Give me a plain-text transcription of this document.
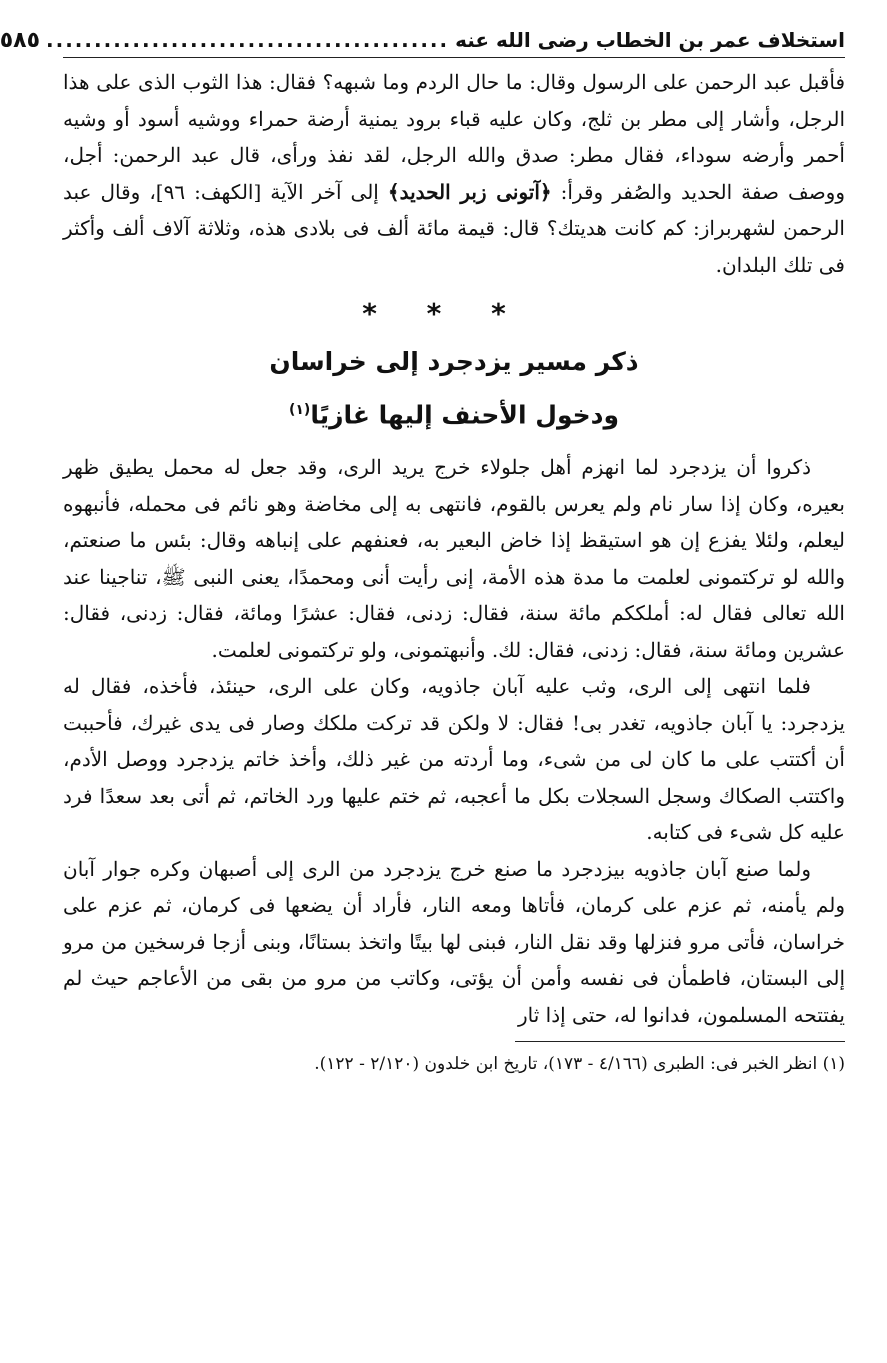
استخلاف عمر بن الخطاب رضى الله عنه
..........................................
٥٨٥

فأقبل عبد الرحمن على الرسول وقال: ما حال الردم وما شبهه؟ فقال: هذا الثوب الذى على هذا الرجل، وأشار إلى مطر بن ثلج، وكان عليه قباء برود يمنية أرضة حمراء ووشيه أسود أو وشيه أحمر وأرضه سوداء، فقال مطر: صدق والله الرجل، لقد نفذ ورأى، قال عبد الرحمن: أجل، ووصف صفة الحديد والصُفر وقرأ: ﴿آتونى زبر الحديد﴾ إلى آخر الآية [الكهف: ٩٦]، وقال عبد الرحمن لشهربراز: كم كانت هديتك؟ قال: قيمة مائة ألف فى بلادى هذه، وثلاثة آلاف ألف وأكثر فى تلك البلدان.

* * *
ذكر مسير يزدجرد إلى خراسان
ودخول الأحنف إليها غازيًا$^{(١)}$

ذكروا أن يزدجرد لما انهزم أهل جلولاء خرج يريد الرى، وقد جعل له محمل يطيق ظهر بعيره، وكان إذا سار نام ولم يعرس بالقوم، فانتهى به إلى مخاضة وهو نائم فى محمله، فأنبهوه ليعلم، ولئلا يفزع إن هو استيقظ إذا خاض البعير به، فعنفهم على إنباهه وقال: بئس ما صنعتم، والله لو تركتمونى لعلمت ما مدة هذه الأمة، إنى رأيت أنى ومحمدًا، يعنى النبى ﷺ، تناجينا عند الله تعالى فقال له: أملككم مائة سنة، فقال: زدنى، فقال: عشرًا ومائة، فقال: زدنى، فقال: عشرين ومائة سنة، فقال: زدنى، فقال: لك. وأنبهتمونى، ولو تركتمونى لعلمت.

فلما انتهى إلى الرى، وثب عليه آبان جاذويه، وكان على الرى، حينئذ، فأخذه، فقال له يزدجرد: يا آبان جاذويه، تغدر بى! فقال: لا ولكن قد تركت ملكك وصار فى يدى غيرك، فأحببت أن أكتتب على ما كان لى من شىء، وما أردته من غير ذلك، وأخذ خاتم يزدجرد ووصل الأدم، واكتتب الصكاك وسجل السجلات بكل ما أعجبه، ثم ختم عليها ورد الخاتم، ثم أتى بعد سعدًا فرد عليه كل شىء فى كتابه.

ولما صنع آبان جاذويه بيزدجرد ما صنع خرج يزدجرد من الرى إلى أصبهان وكره جوار آبان ولم يأمنه، ثم عزم على كرمان، فأتاها ومعه النار، فأراد أن يضعها فى كرمان، ثم عزم على خراسان، فأتى مرو فنزلها وقد نقل النار، فبنى لها بيتًا واتخذ بستانًا، وبنى أزجا فرسخين من مرو إلى البستان، فاطمأن فى نفسه وأمن أن يؤتى، وكاتب من مرو من بقى من الأعاجم حيث لم يفتتحه المسلمون، فدانوا له، حتى إذا ثار

(١) انظر الخبر فى: الطبرى (٤/١٦٦ - ١٧٣)، تاريخ ابن خلدون (٢/١٢٠ - ١٢٢).
